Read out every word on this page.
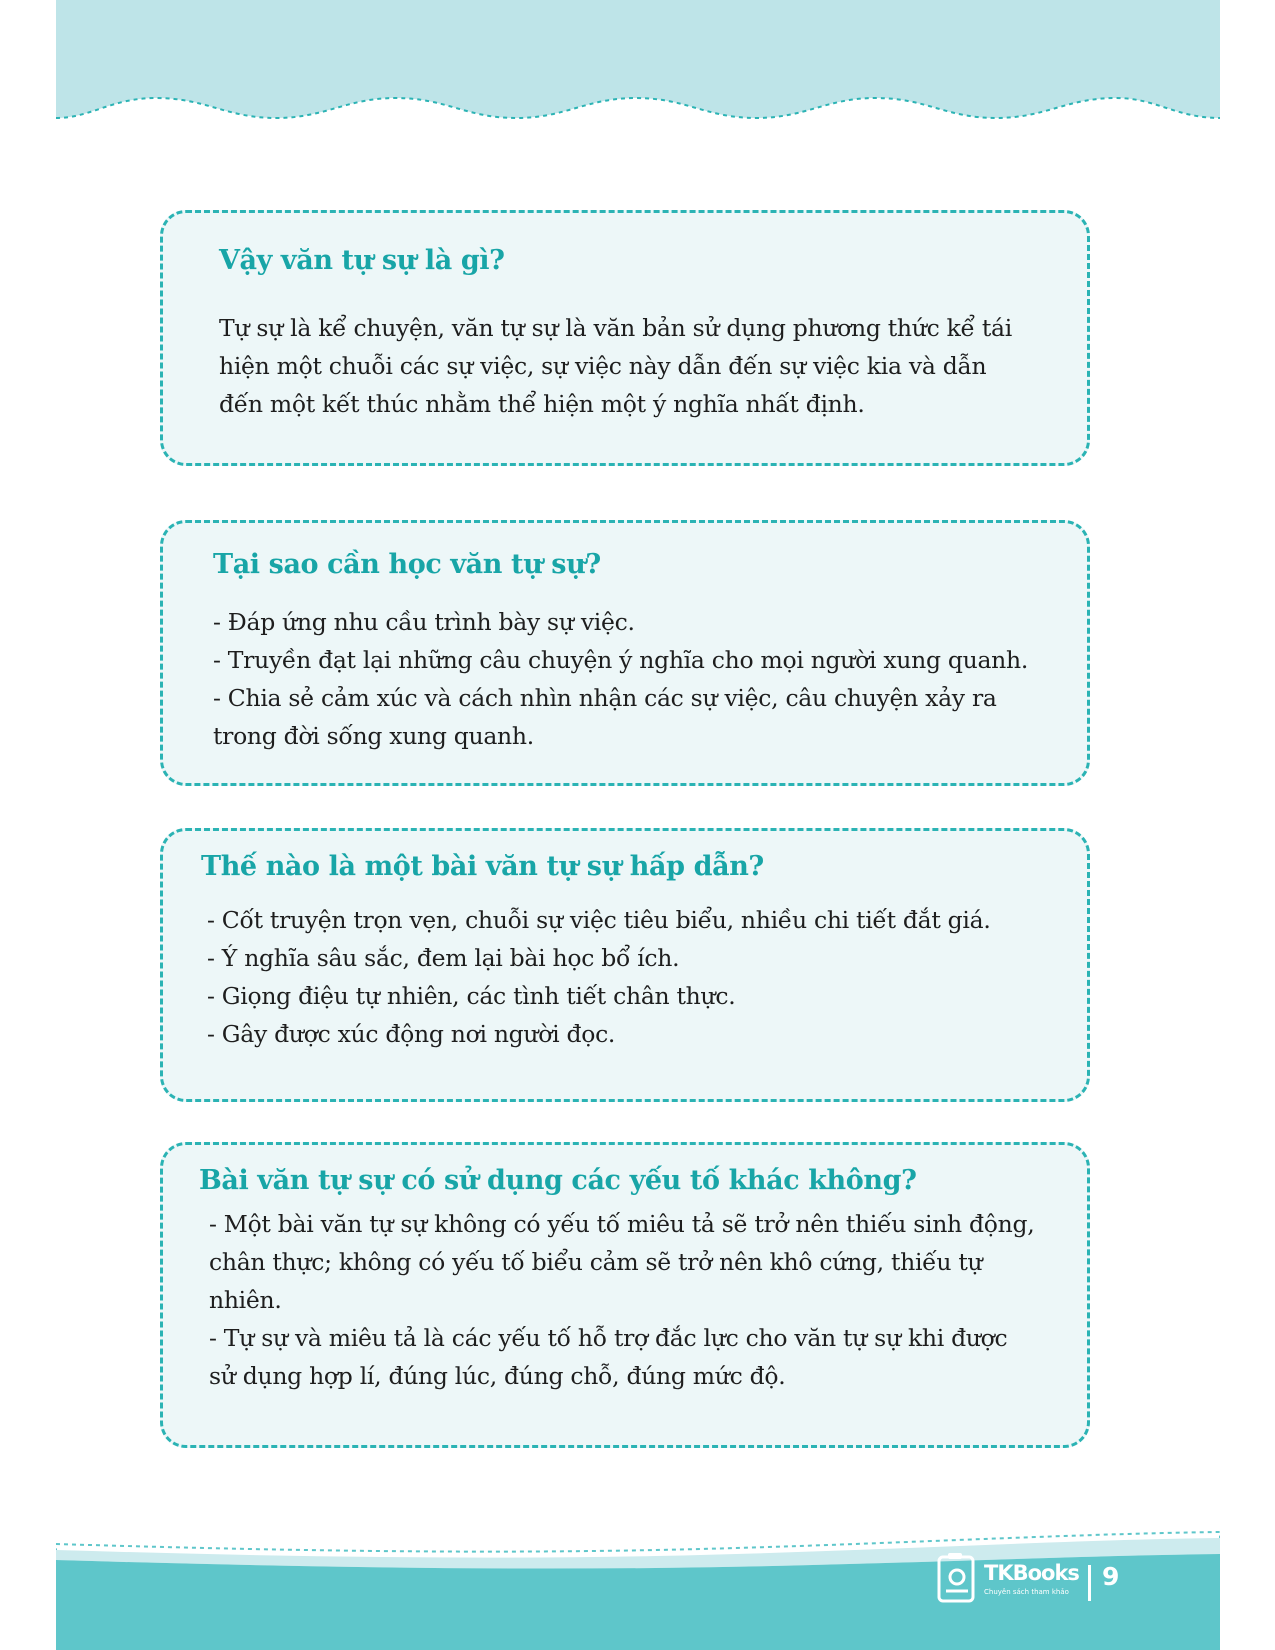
Vậy văn tự sự là gì?

Tự sự là kể chuyện, văn tự sự là văn bản sử dụng phương thức kể tái hiện một chuỗi các sự việc, sự việc này dẫn đến sự việc kia và dẫn đến một kết thúc nhằm thể hiện một ý nghĩa nhất định.

Tại sao cần học văn tự sự?
- Đáp ứng nhu cầu trình bày sự việc.
- Truyền đạt lại những câu chuyện ý nghĩa cho mọi người xung quanh.
- Chia sẻ cảm xúc và cách nhìn nhận các sự việc, câu chuyện xảy ra trong đời sống xung quanh.
Thế nào là một bài văn tự sự hấp dẫn?
- Cốt truyện trọn vẹn, chuỗi sự việc tiêu biểu, nhiều chi tiết đắt giá.
- Ý nghĩa sâu sắc, đem lại bài học bổ ích.
- Giọng điệu tự nhiên, các tình tiết chân thực.
- Gây được xúc động nơi người đọc.
Bài văn tự sự có sử dụng các yếu tố khác không?
- Một bài văn tự sự không có yếu tố miêu tả sẽ trở nên thiếu sinh động, chân thực; không có yếu tố biểu cảm sẽ trở nên khô cứng, thiếu tự nhiên.
- Tự sự và miêu tả là các yếu tố hỗ trợ đắc lực cho văn tự sự khi được sử dụng hợp lí, đúng lúc, đúng chỗ, đúng mức độ.
TKBooks
Chuyên sách tham khảo
9
